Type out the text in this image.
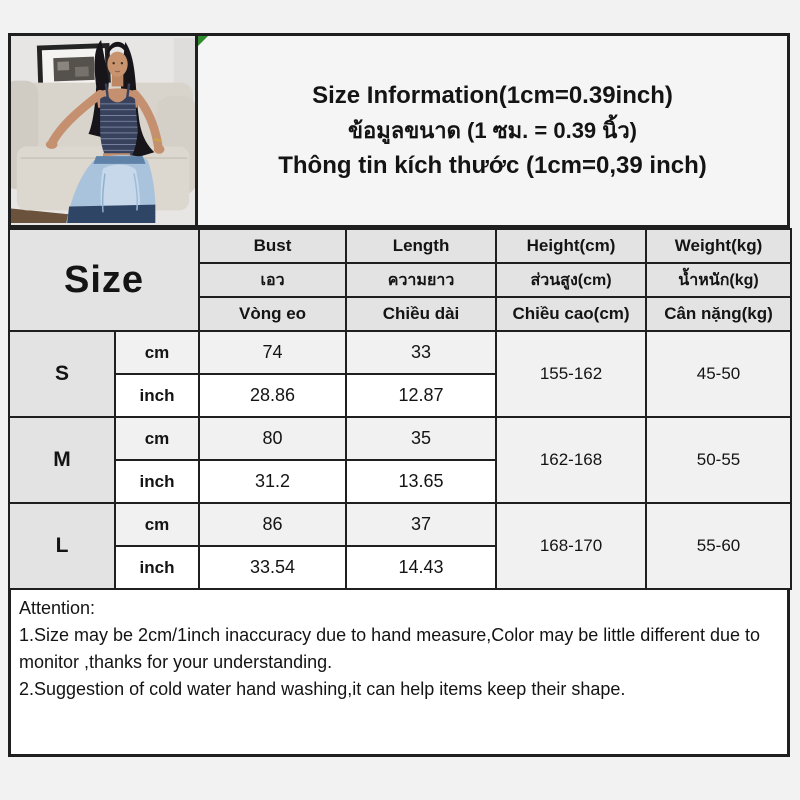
Size Information(1cm=0.39inch)
ข้อมูลขนาด (1 ซม. = 0.39 นิ้ว)
Thông tin kích thước (1cm=0,39 inch)
Size		Bust	Length	Height(cm)	Weight(kg)
		เอว	ความยาว	ส่วนสูง(cm)	น้ำหนัก(kg)
		Vòng eo	Chiều dài	Chiều cao(cm)	Cân nặng(kg)
S	cm	74	33	155-162	45-50
	inch	28.86	12.87		
M	cm	80	35	162-168	50-55
	inch	31.2	13.65		
L	cm	86	37	168-170	55-60
	inch	33.54	14.43		
Attention:
1.Size may be 2cm/1inch inaccuracy due to hand measure,Color may be little different due to monitor ,thanks for your understanding.
2.Suggestion of cold water hand washing,it can help items keep their shape.
